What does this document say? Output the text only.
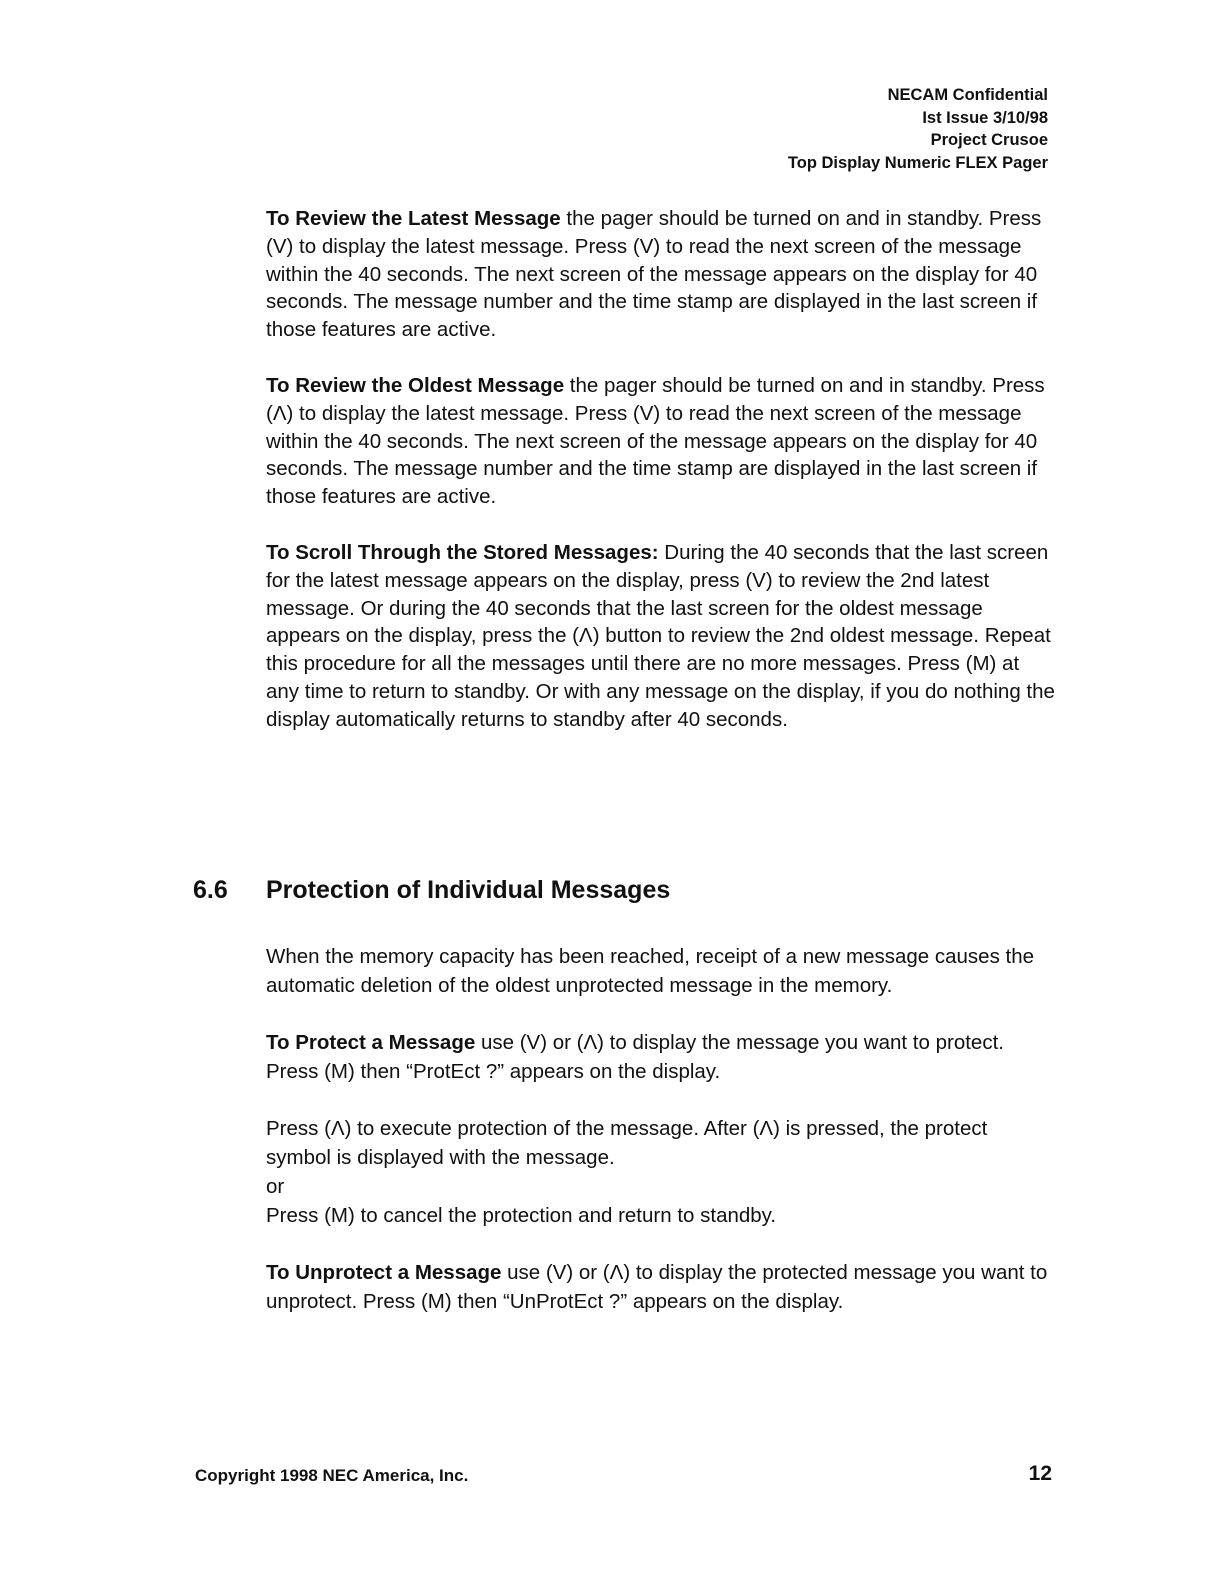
NECAM Confidential
Ist Issue 3/10/98
Project Crusoe
Top Display Numeric FLEX Pager

To Review the Latest Message the pager should be turned on and in standby. Press (V) to display the latest message. Press (V) to read the next screen of the message within the 40 seconds. The next screen of the message appears on the display for 40 seconds. The message number and the time stamp are displayed in the last screen if those features are active.

To Review the Oldest Message the pager should be turned on and in standby. Press (Λ) to display the latest message. Press (V) to read the next screen of the message within the 40 seconds. The next screen of the message appears on the display for 40 seconds. The message number and the time stamp are displayed in the last screen if those features are active.

To Scroll Through the Stored Messages: During the 40 seconds that the last screen for the latest message appears on the display, press (V) to review the 2nd latest message. Or during the 40 seconds that the last screen for the oldest message appears on the display, press the (Λ) button to review the 2nd oldest message. Repeat this procedure for all the messages until there are no more messages. Press (M) at any time to return to standby. Or with any message on the display, if you do nothing the display automatically returns to standby after 40 seconds.

6.6 Protection of Individual Messages

When the memory capacity has been reached, receipt of a new message causes the automatic deletion of the oldest unprotected message in the memory.

To Protect a Message use (V) or (Λ) to display the message you want to protect. Press (M) then “ProtEct ?” appears on the display.

Press (Λ) to execute protection of the message. After (Λ) is pressed, the protect symbol is displayed with the message.
or
Press (M) to cancel the protection and return to standby.

To Unprotect a Message use (V) or (Λ) to display the protected message you want to unprotect. Press (M) then “UnProtEct ?” appears on the display.

Copyright 1998 NEC America, Inc.	12
